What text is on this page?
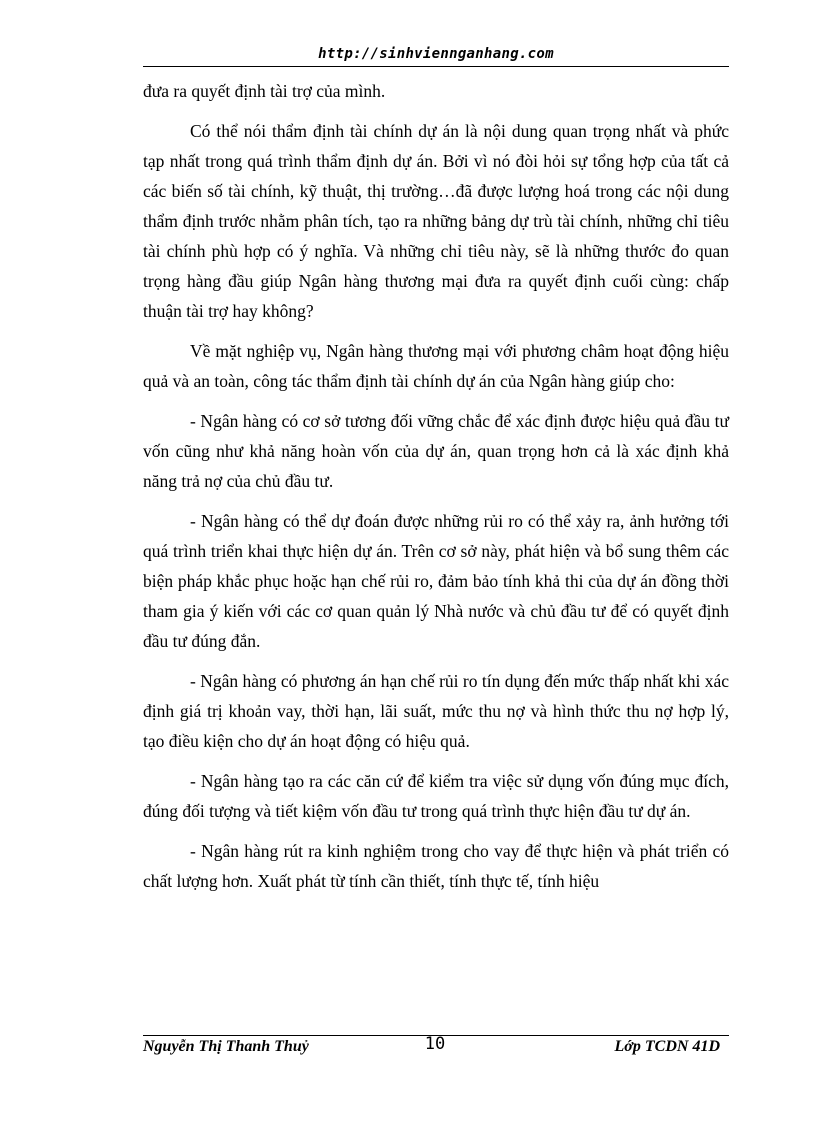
http://sinhviennganhang.com

đưa ra quyết định tài trợ của mình.

Có thể nói thẩm định tài chính dự án là nội dung quan trọng nhất và phức tạp nhất trong quá trình thẩm định dự án. Bởi vì nó đòi hỏi sự tổng hợp của tất cả các biến số tài chính, kỹ thuật, thị trường…đã được lượng hoá trong các nội dung thẩm định trước nhằm phân tích, tạo ra những bảng dự trù tài chính, những chỉ tiêu tài chính phù hợp có ý nghĩa. Và những chỉ tiêu này, sẽ là những thước đo quan trọng hàng đầu giúp Ngân hàng thương mại đưa ra quyết định cuối cùng: chấp thuận tài trợ hay không?

Về mặt nghiệp vụ, Ngân hàng thương mại với phương châm hoạt động hiệu quả và an toàn, công tác thẩm định tài chính dự án của Ngân hàng giúp cho:

- Ngân hàng có cơ sở tương đối vững chắc để xác định được hiệu quả đầu tư vốn cũng như khả năng hoàn vốn của dự án, quan trọng hơn cả là xác định khả năng trả nợ của chủ đầu tư.

- Ngân hàng có thể dự đoán được những rủi ro có thể xảy ra, ảnh hưởng tới quá trình triển khai thực hiện dự án. Trên cơ sở này, phát hiện và bổ sung thêm các biện pháp khắc phục hoặc hạn chế rủi ro, đảm bảo tính khả thi của dự án đồng thời tham gia ý kiến với các cơ quan quản lý Nhà nước và chủ đầu tư để có quyết định đầu tư đúng đắn.

- Ngân hàng có phương án hạn chế rủi ro tín dụng đến mức thấp nhất khi xác định giá trị khoản vay, thời hạn, lãi suất, mức thu nợ và hình thức thu nợ hợp lý, tạo điều kiện cho dự án hoạt động có hiệu quả.

- Ngân hàng tạo ra các căn cứ để kiểm tra việc sử dụng vốn đúng mục đích, đúng đối tượng và tiết kiệm vốn đầu tư trong quá trình thực hiện đầu tư dự án.

- Ngân hàng rút ra kinh nghiệm trong cho vay để thực hiện và phát triển có chất lượng hơn. Xuất phát từ tính cần thiết, tính thực tế, tính hiệu

Nguyễn Thị Thanh Thuỷ	10	Lớp TCDN 41D
